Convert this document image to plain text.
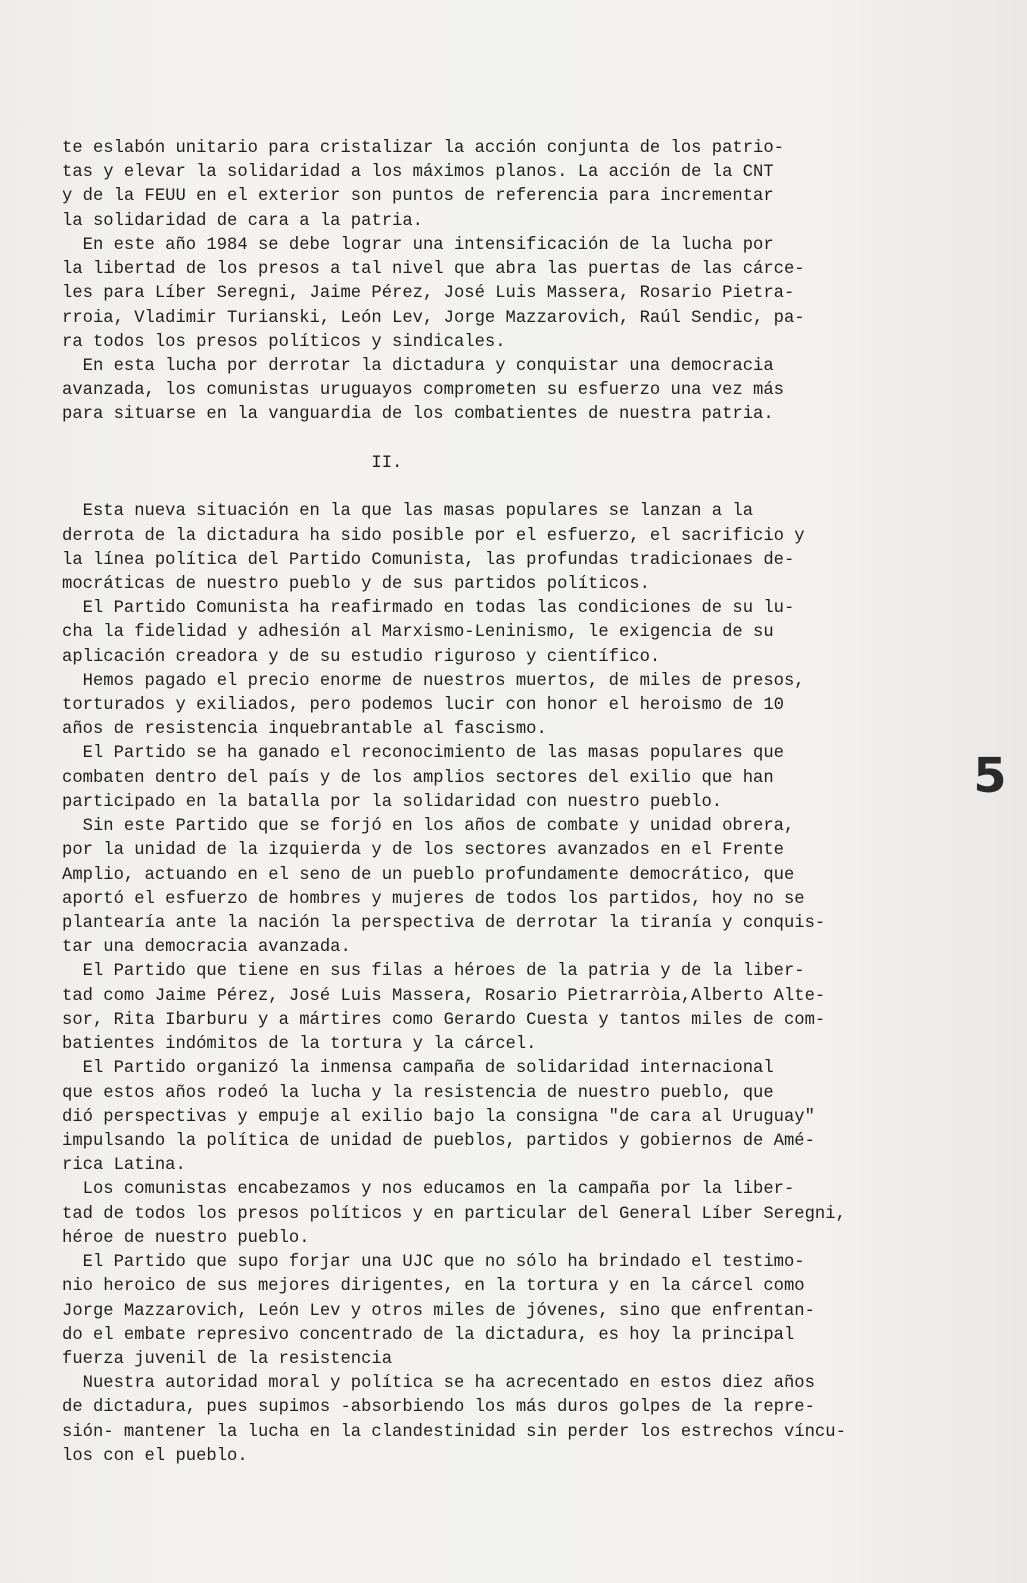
te eslabón unitario para cristalizar la acción conjunta de los patrio-
tas y elevar la solidaridad a los máximos planos. La acción de la CNT
y de la FEUU en el exterior son puntos de referencia para incrementar
la solidaridad de cara a la patria.
En este año 1984 se debe lograr una intensificación de la lucha por
la libertad de los presos a tal nivel que abra las puertas de las cárce-
les para Líber Seregni, Jaime Pérez, José Luis Massera, Rosario Pietra-
rroia, Vladimir Turianski, León Lev, Jorge Mazzarovich, Raúl Sendic, pa-
ra todos los presos políticos y sindicales.
En esta lucha por derrotar la dictadura y conquistar una democracia
avanzada, los comunistas uruguayos comprometen su esfuerzo una vez más
para situarse en la vanguardia de los combatientes de nuestra patria.
II.
Esta nueva situación en la que las masas populares se lanzan a la
derrota de la dictadura ha sido posible por el esfuerzo, el sacrificio y
la línea política del Partido Comunista, las profundas tradicionaes de-
mocráticas de nuestro pueblo y de sus partidos políticos.
El Partido Comunista ha reafirmado en todas las condiciones de su lu-
cha la fidelidad y adhesión al Marxismo-Leninismo, le exigencia de su
aplicación creadora y de su estudio riguroso y científico.
Hemos pagado el precio enorme de nuestros muertos, de miles de presos,
torturados y exiliados, pero podemos lucir con honor el heroismo de 10
años de resistencia inquebrantable al fascismo.
El Partido se ha ganado el reconocimiento de las masas populares que
combaten dentro del país y de los amplios sectores del exilio que han
participado en la batalla por la solidaridad con nuestro pueblo.
Sin este Partido que se forjó en los años de combate y unidad obrera,
por la unidad de la izquierda y de los sectores avanzados en el Frente
Amplio, actuando en el seno de un pueblo profundamente democrático, que
aportó el esfuerzo de hombres y mujeres de todos los partidos, hoy no se
plantearía ante la nación la perspectiva de derrotar la tiranía y conquis-
tar una democracia avanzada.
El Partido que tiene en sus filas a héroes de la patria y de la liber-
tad como Jaime Pérez, José Luis Massera, Rosario Pietrarròia,Alberto Alte-
sor, Rita Ibarburu y a mártires como Gerardo Cuesta y tantos miles de com-
batientes indómitos de la tortura y la cárcel.
El Partido organizó la inmensa campaña de solidaridad internacional
que estos años rodeó la lucha y la resistencia de nuestro pueblo, que
dió perspectivas y empuje al exilio bajo la consigna "de cara al Uruguay"
impulsando la política de unidad de pueblos, partidos y gobiernos de Amé-
rica Latina.
Los comunistas encabezamos y nos educamos en la campaña por la liber-
tad de todos los presos políticos y en particular del General Líber Seregni,
héroe de nuestro pueblo.
El Partido que supo forjar una UJC que no sólo ha brindado el testimo-
nio heroico de sus mejores dirigentes, en la tortura y en la cárcel como
Jorge Mazzarovich, León Lev y otros miles de jóvenes, sino que enfrentan-
do el embate represivo concentrado de la dictadura, es hoy la principal
fuerza juvenil de la resistencia
Nuestra autoridad moral y política se ha acrecentado en estos diez años
de dictadura, pues supimos -absorbiendo los más duros golpes de la repre-
sión- mantener la lucha en la clandestinidad sin perder los estrechos víncu-
los con el pueblo.
5
